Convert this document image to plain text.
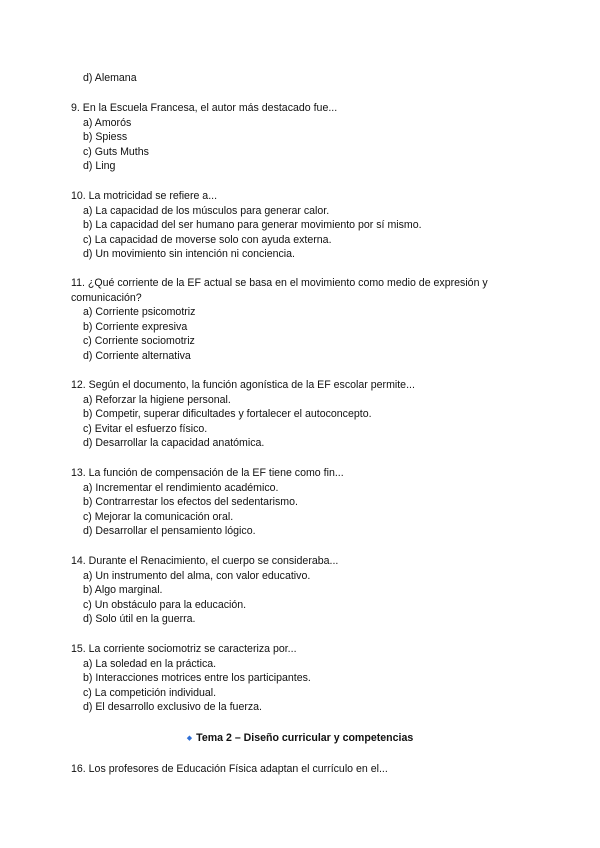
d) Alemana

9. En la Escuela Francesa, el autor más destacado fue...

a) Amorós

b) Spiess

c) Guts Muths

d) Ling

10. La motricidad se refiere a...

a) La capacidad de los músculos para generar calor.

b) La capacidad del ser humano para generar movimiento por sí mismo.

c) La capacidad de moverse solo con ayuda externa.

d) Un movimiento sin intención ni conciencia.

11. ¿Qué corriente de la EF actual se basa en el movimiento como medio de expresión y comunicación?

a) Corriente psicomotriz

b) Corriente expresiva

c) Corriente sociomotriz

d) Corriente alternativa

12. Según el documento, la función agonística de la EF escolar permite...

a) Reforzar la higiene personal.

b) Competir, superar dificultades y fortalecer el autoconcepto.

c) Evitar el esfuerzo físico.

d) Desarrollar la capacidad anatómica.

13. La función de compensación de la EF tiene como fin...

a) Incrementar el rendimiento académico.

b) Contrarrestar los efectos del sedentarismo.

c) Mejorar la comunicación oral.

d) Desarrollar el pensamiento lógico.

14. Durante el Renacimiento, el cuerpo se consideraba...

a) Un instrumento del alma, con valor educativo.

b) Algo marginal.

c) Un obstáculo para la educación.

d) Solo útil en la guerra.

15. La corriente sociomotriz se caracteriza por...

a) La soledad en la práctica.

b) Interacciones motrices entre los participantes.

c) La competición individual.

d) El desarrollo exclusivo de la fuerza.

◆ Tema 2 – Diseño curricular y competencias

16. Los profesores de Educación Física adaptan el currículo en el...
